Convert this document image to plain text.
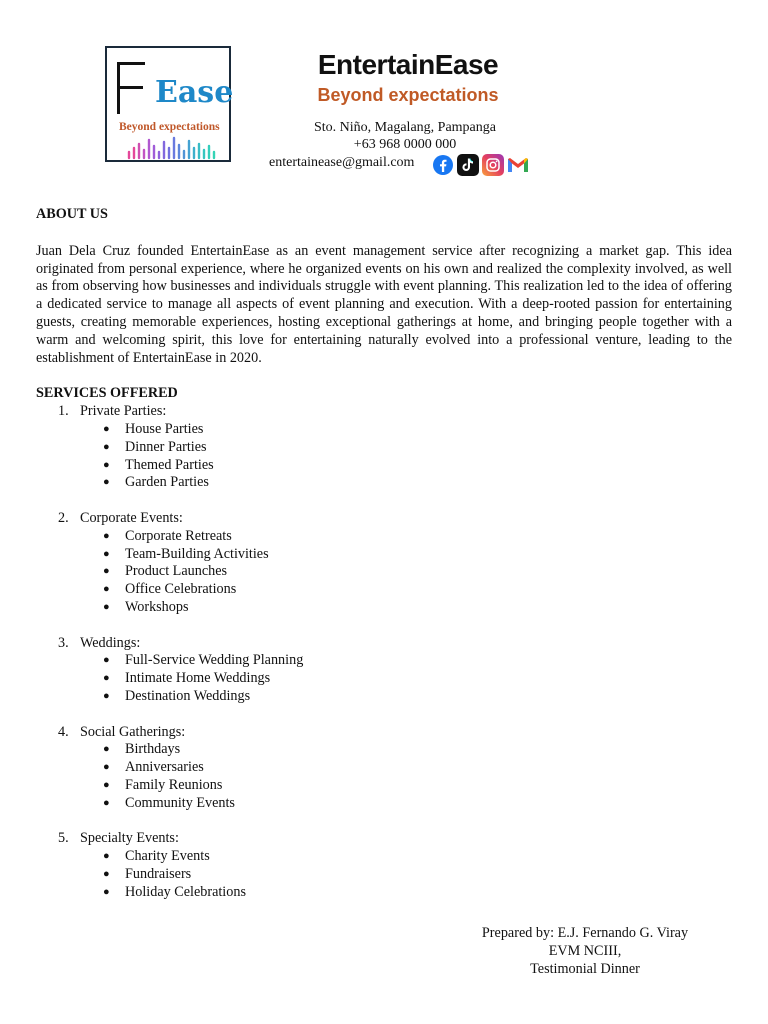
Ease
Beyond expectations
EntertainEase
Beyond expectations
Sto. Niño, Magalang, Pampanga
+63 968 0000 000
entertainease@gmail.com

ABOUT US

Juan Dela Cruz founded EntertainEase as an event management service after recognizing a market gap. This idea originated from personal experience, where he organized events on his own and realized the complexity involved, as well as from observing how businesses and individuals struggle with event planning. This realization led to the idea of offering a dedicated service to manage all aspects of event planning and execution. With a deep-rooted passion for entertaining guests, creating memorable experiences, hosting exceptional gatherings at home, and bringing people together with a warm and welcoming spirit, this love for entertaining naturally evolved into a professional venture, leading to the establishment of EntertainEase in 2020.

SERVICES OFFERED

1. Private Parties:
● House Parties
● Dinner Parties
● Themed Parties
● Garden Parties
2. Corporate Events:
● Corporate Retreats
● Team-Building Activities
● Product Launches
● Office Celebrations
● Workshops
3. Weddings:
● Full-Service Wedding Planning
● Intimate Home Weddings
● Destination Weddings
4. Social Gatherings:
● Birthdays
● Anniversaries
● Family Reunions
● Community Events
5. Specialty Events:
● Charity Events
● Fundraisers
● Holiday Celebrations
Prepared by: E.J. Fernando G. Viray
EVM NCIII,
Testimonial Dinner
